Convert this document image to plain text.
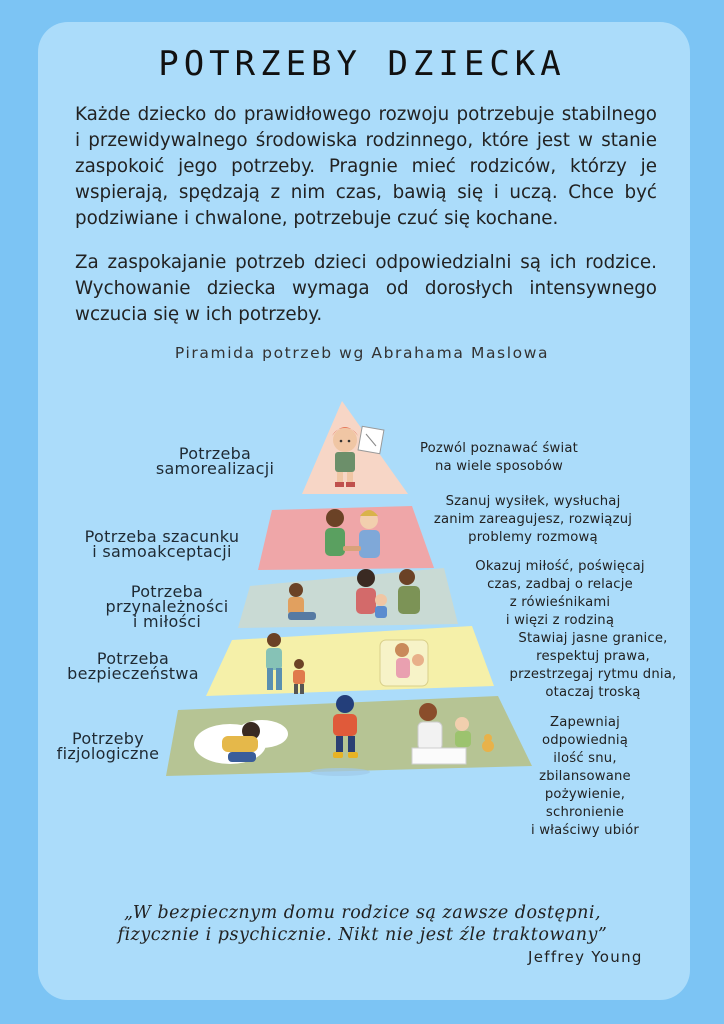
POTRZEBY DZIECKA

Każde dziecko do prawidłowego rozwoju potrzebuje stabilnego i przewidywalnego środowiska rodzinnego, które jest w stanie zaspokoić jego potrzeby. Pragnie mieć rodziców, którzy je wspierają, spędzają z nim czas, bawią się i uczą. Chce być podziwiane i chwalone, potrzebuje czuć się kochane.

Za zaspokajanie potrzeb dzieci odpowiedzialni są ich rodzice. Wychowanie dziecka wymaga od dorosłych intensywnego wczucia się w ich potrzeby.

Piramida potrzeb wg Abrahama Maslowa
Potrzeba
samorealizacji
Potrzeba szacunku
i samoakceptacji
Potrzeba
przynależności
i miłości
Potrzeba
bezpieczeństwa
Potrzeby
fizjologiczne
Pozwól poznawać świat
na wiele sposobów
Szanuj wysiłek, wysłuchaj
zanim zareagujesz, rozwiązuj
problemy rozmową
Okazuj miłość, poświęcaj
czas, zadbaj o relacje
z rówieśnikami
i więzi z rodziną
Stawiaj jasne granice,
respektuj prawa,
przestrzegaj rytmu dnia,
otaczaj troską
Zapewniaj
odpowiednią
ilość snu,
zbilansowane
pożywienie,
schronienie
i właściwy ubiór
„W bezpiecznym domu rodzice są zawsze dostępni,
fizycznie i psychicznie. Nikt nie jest źle traktowany”
Jeffrey Young
